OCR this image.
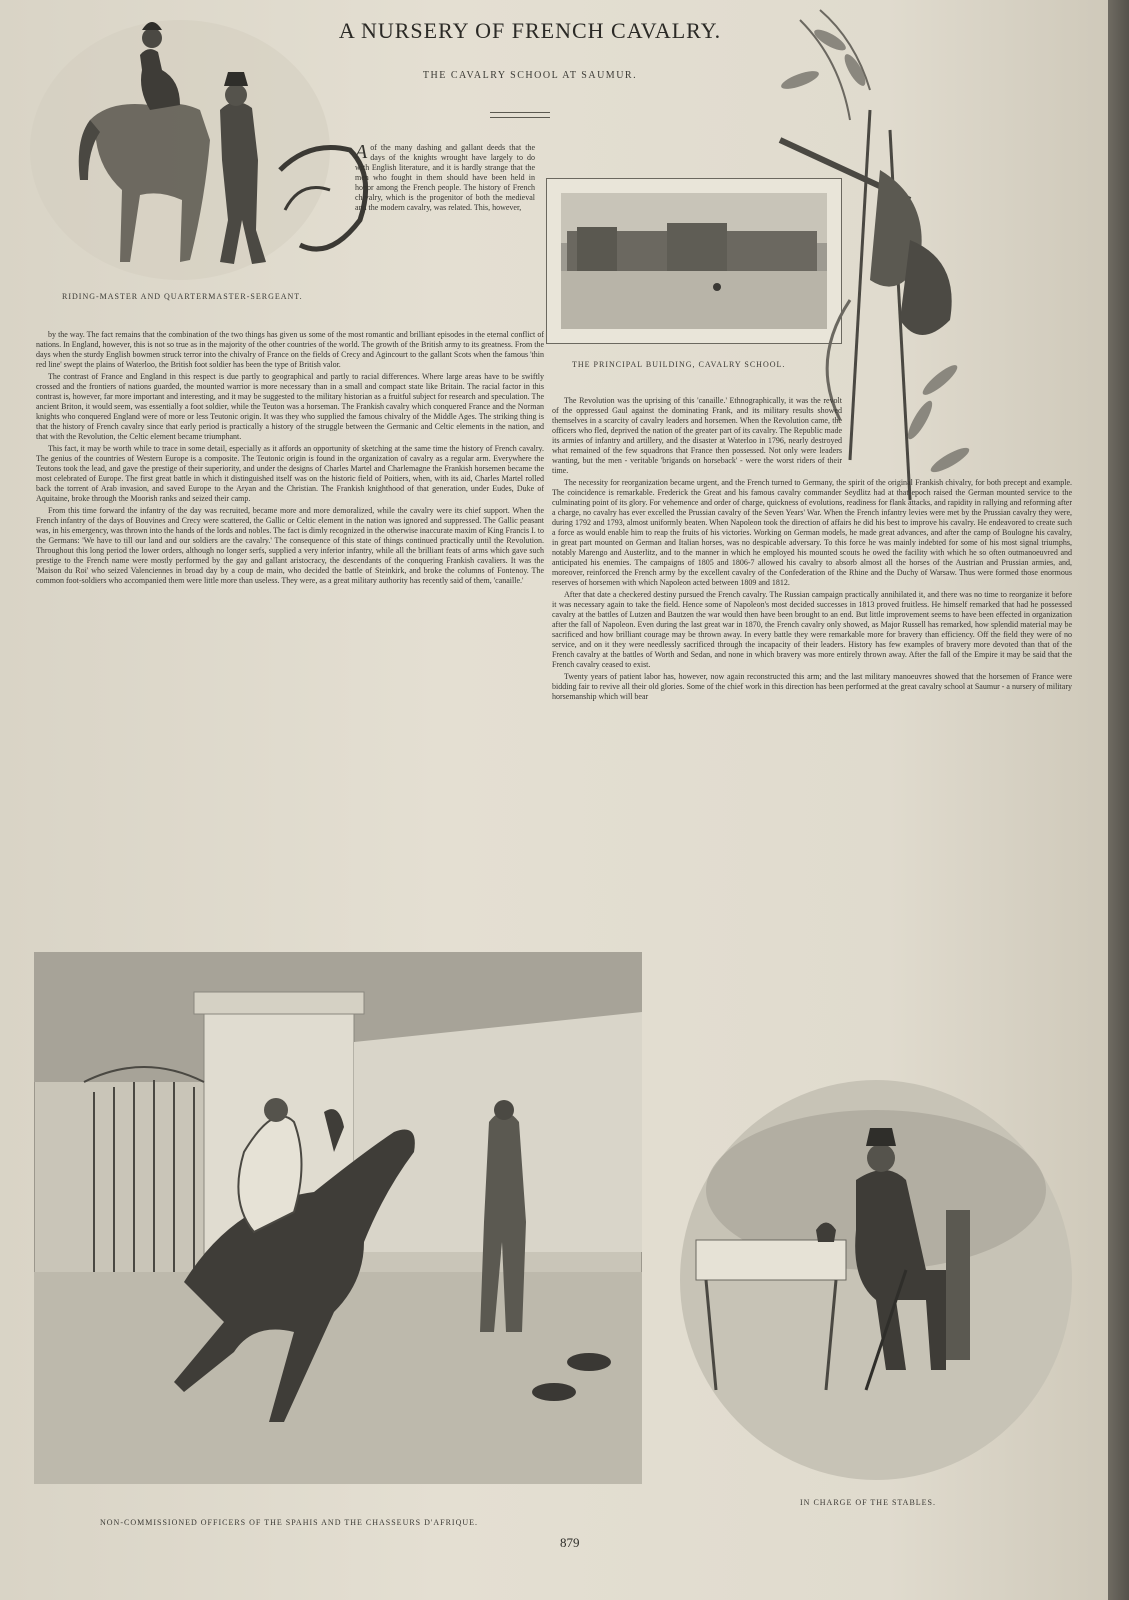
A NURSERY OF FRENCH CAVALRY.
THE CAVALRY SCHOOL AT SAUMUR.
RIDING-MASTER AND QUARTERMASTER-SERGEANT.
Aof the many dashing and gallant deeds that the days of the knights wrought have largely to do with English literature, and it is hardly strange that the men who fought in them should have been held in honor among the French people. The history of French chivalry, which is the progenitor of both the medieval and the modern cavalry, was related. This, however,

by the way. The fact remains that the combination of the two things has given us some of the most romantic and brilliant episodes in the eternal conflict of nations. In England, however, this is not so true as in the majority of the other countries of the world. The growth of the British army to its greatness. From the days when the sturdy English bowmen struck terror into the chivalry of France on the fields of Crecy and Agincourt to the gallant Scots when the famous 'thin red line' swept the plains of Waterloo, the British foot soldier has been the type of British valor.

The contrast of France and England in this respect is due partly to geographical and partly to racial differences. Where large areas have to be swiftly crossed and the frontiers of nations guarded, the mounted warrior is more necessary than in a small and compact state like Britain. The racial factor in this contrast is, however, far more important and interesting, and it may be suggested to the military historian as a fruitful subject for research and speculation. The ancient Briton, it would seem, was essentially a foot soldier, while the Teuton was a horseman. The Frankish cavalry which conquered France and the Norman knights who conquered England were of more or less Teutonic origin. It was they who supplied the famous chivalry of the Middle Ages. The striking thing is that the history of French cavalry since that early period is practically a history of the struggle between the Germanic and Celtic elements in the nation, and that with the Revolution, the Celtic element became triumphant.

This fact, it may be worth while to trace in some detail, especially as it affords an opportunity of sketching at the same time the history of French cavalry. The genius of the countries of Western Europe is a composite. The Teutonic origin is found in the organization of cavalry as a regular arm. Everywhere the Teutons took the lead, and gave the prestige of their superiority, and under the designs of Charles Martel and Charlemagne the Frankish horsemen became the most celebrated of Europe. The first great battle in which it distinguished itself was on the historic field of Poitiers, when, with its aid, Charles Martel rolled back the torrent of Arab invasion, and saved Europe to the Aryan and the Christian. The Frankish knighthood of that generation, under Eudes, Duke of Aquitaine, broke through the Moorish ranks and seized their camp.

From this time forward the infantry of the day was recruited, became more and more demoralized, while the cavalry were its chief support. When the French infantry of the days of Bouvines and Crecy were scattered, the Gallic or Celtic element in the nation was ignored and suppressed. The Gallic peasant was, in his emergency, was thrown into the hands of the lords and nobles. The fact is dimly recognized in the otherwise inaccurate maxim of King Francis I. to the Germans: 'We have to till our land and our soldiers are the cavalry.' The consequence of this state of things continued practically until the Revolution. Throughout this long period the lower orders, although no longer serfs, supplied a very inferior infantry, while all the brilliant feats of arms which gave such prestige to the French name were mostly performed by the gay and gallant aristocracy, the descendants of the conquering Frankish cavaliers. It was the 'Maison du Roi' who seized Valenciennes in broad day by a coup de main, who decided the battle of Steinkirk, and broke the columns of Fontenoy. The common foot-soldiers who accompanied them were little more than useless. They were, as a great military authority has recently said of them, 'canaille.'

THE PRINCIPAL BUILDING, CAVALRY SCHOOL.

The Revolution was the uprising of this 'canaille.' Ethnographically, it was the revolt of the oppressed Gaul against the dominating Frank, and its military results showed themselves in a scarcity of cavalry leaders and horsemen. When the Revolution came, the officers who fled, deprived the nation of the greater part of its cavalry. The Republic made its armies of infantry and artillery, and the disaster at Waterloo in 1796, nearly destroyed what remained of the few squadrons that France then possessed. Not only were leaders wanting, but the men - veritable 'brigands on horseback' - were the worst riders of their time.

The necessity for reorganization became urgent, and the French turned to Germany, the spirit of the original Frankish chivalry, for both precept and example. The coincidence is remarkable. Frederick the Great and his famous cavalry commander Seydlitz had at that epoch raised the German mounted service to the culminating point of its glory. For vehemence and order of charge, quickness of evolutions, readiness for flank attacks, and rapidity in rallying and reforming after a charge, no cavalry has ever excelled the Prussian cavalry of the Seven Years' War. When the French infantry levies were met by the Prussian cavalry they were, during 1792 and 1793, almost uniformly beaten. When Napoleon took the direction of affairs he did his best to improve his cavalry. He endeavored to create such a force as would enable him to reap the fruits of his victories. Working on German models, he made great advances, and after the camp of Boulogne his cavalry, in great part mounted on German and Italian horses, was no despicable adversary. To this force he was mainly indebted for some of his most signal triumphs, notably Marengo and Austerlitz, and to the manner in which he employed his mounted scouts he owed the facility with which he so often outmanoeuvred and anticipated his enemies. The campaigns of 1805 and 1806-7 allowed his cavalry to absorb almost all the horses of the Austrian and Prussian armies, and, moreover, reinforced the French army by the excellent cavalry of the Confederation of the Rhine and the Duchy of Warsaw. Thus were formed those enormous reserves of horsemen with which Napoleon acted between 1809 and 1812.

After that date a checkered destiny pursued the French cavalry. The Russian campaign practically annihilated it, and there was no time to reorganize it before it was necessary again to take the field. Hence some of Napoleon's most decided successes in 1813 proved fruitless. He himself remarked that had he possessed cavalry at the battles of Lutzen and Bautzen the war would then have been brought to an end. But little improvement seems to have been effected in organization after the fall of Napoleon. Even during the last great war in 1870, the French cavalry only showed, as Major Russell has remarked, how splendid material may be sacrificed and how brilliant courage may be thrown away. In every battle they were remarkable more for bravery than efficiency. Off the field they were of no service, and on it they were needlessly sacrificed through the incapacity of their leaders. History has few examples of bravery more devoted than that of the French cavalry at the battles of Worth and Sedan, and none in which bravery was more entirely thrown away. After the fall of the Empire it may be said that the French cavalry ceased to exist.

Twenty years of patient labor has, however, now again reconstructed this arm; and the last military manoeuvres showed that the horsemen of France were bidding fair to revive all their old glories. Some of the chief work in this direction has been performed at the great cavalry school at Saumur - a nursery of military horsemanship which will bear

NON-COMMISSIONED OFFICERS OF THE SPAHIS AND THE CHASSEURS D'AFRIQUE.
IN CHARGE OF THE STABLES.
879
